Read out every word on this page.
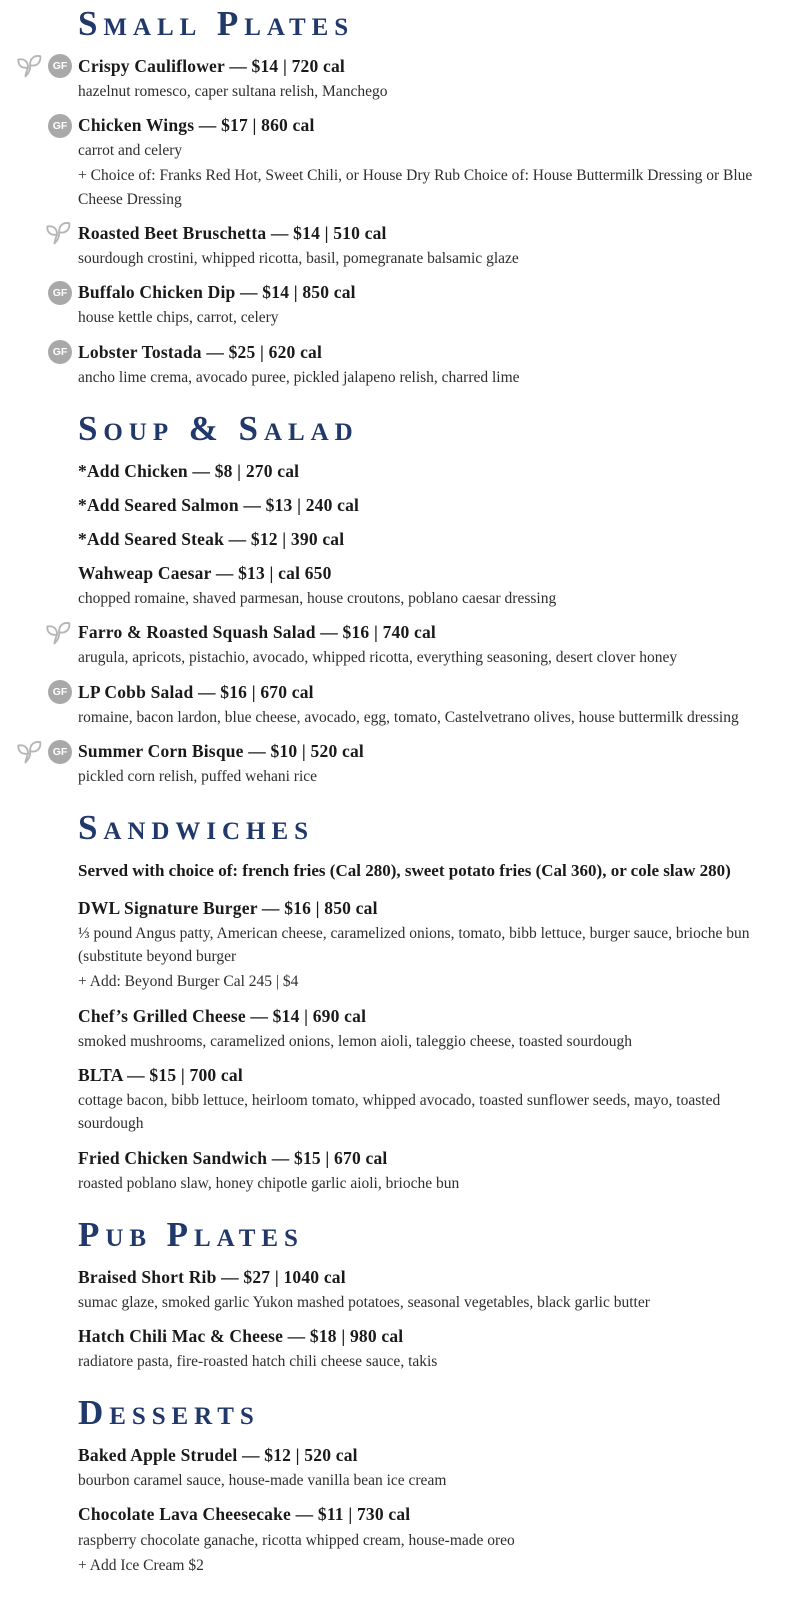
Small Plates
GF Crispy Cauliflower — $14 | 720 cal

hazelnut romesco, caper sultana relish, Manchego

GF Chicken Wings — $17 | 860 cal

carrot and celery

+ Choice of: Franks Red Hot, Sweet Chili, or House Dry Rub Choice of: House Buttermilk Dressing or Blue Cheese Dressing

Roasted Beet Bruschetta — $14 | 510 cal

sourdough crostini, whipped ricotta, basil, pomegranate balsamic glaze

GF Buffalo Chicken Dip — $14 | 850 cal

house kettle chips, carrot, celery

GF Lobster Tostada — $25 | 620 cal

ancho lime crema, avocado puree, pickled jalapeno relish, charred lime

Soup & Salad

*Add Chicken — $8 | 270 cal

*Add Seared Salmon — $13 | 240 cal

*Add Seared Steak — $12 | 390 cal

Wahweap Caesar — $13 | cal 650

chopped romaine, shaved parmesan, house croutons, poblano caesar dressing

Farro & Roasted Squash Salad — $16 | 740 cal

arugula, apricots, pistachio, avocado, whipped ricotta, everything seasoning, desert clover honey

GF LP Cobb Salad — $16 | 670 cal

romaine, bacon lardon, blue cheese, avocado, egg, tomato, Castelvetrano olives, house buttermilk dressing

GF Summer Corn Bisque — $10 | 520 cal

pickled corn relish, puffed wehani rice

Sandwiches

Served with choice of: french fries (Cal 280), sweet potato fries (Cal 360), or cole slaw 280)

DWL Signature Burger — $16 | 850 cal

⅓ pound Angus patty, American cheese, caramelized onions, tomato, bibb lettuce, burger sauce, brioche bun (substitute beyond burger

+ Add: Beyond Burger Cal 245 | $4

Chef’s Grilled Cheese — $14 | 690 cal

smoked mushrooms, caramelized onions, lemon aioli, taleggio cheese, toasted sourdough

BLTA — $15 | 700 cal

cottage bacon, bibb lettuce, heirloom tomato, whipped avocado, toasted sunflower seeds, mayo, toasted sourdough

Fried Chicken Sandwich — $15 | 670 cal

roasted poblano slaw, honey chipotle garlic aioli, brioche bun

Pub Plates

Braised Short Rib — $27 | 1040 cal

sumac glaze, smoked garlic Yukon mashed potatoes, seasonal vegetables, black garlic butter

Hatch Chili Mac & Cheese — $18 | 980 cal

radiatore pasta, fire-roasted hatch chili cheese sauce, takis

Desserts

Baked Apple Strudel — $12 | 520 cal

bourbon caramel sauce, house-made vanilla bean ice cream

Chocolate Lava Cheesecake — $11 | 730 cal

raspberry chocolate ganache, ricotta whipped cream, house-made oreo

+ Add Ice Cream $2
